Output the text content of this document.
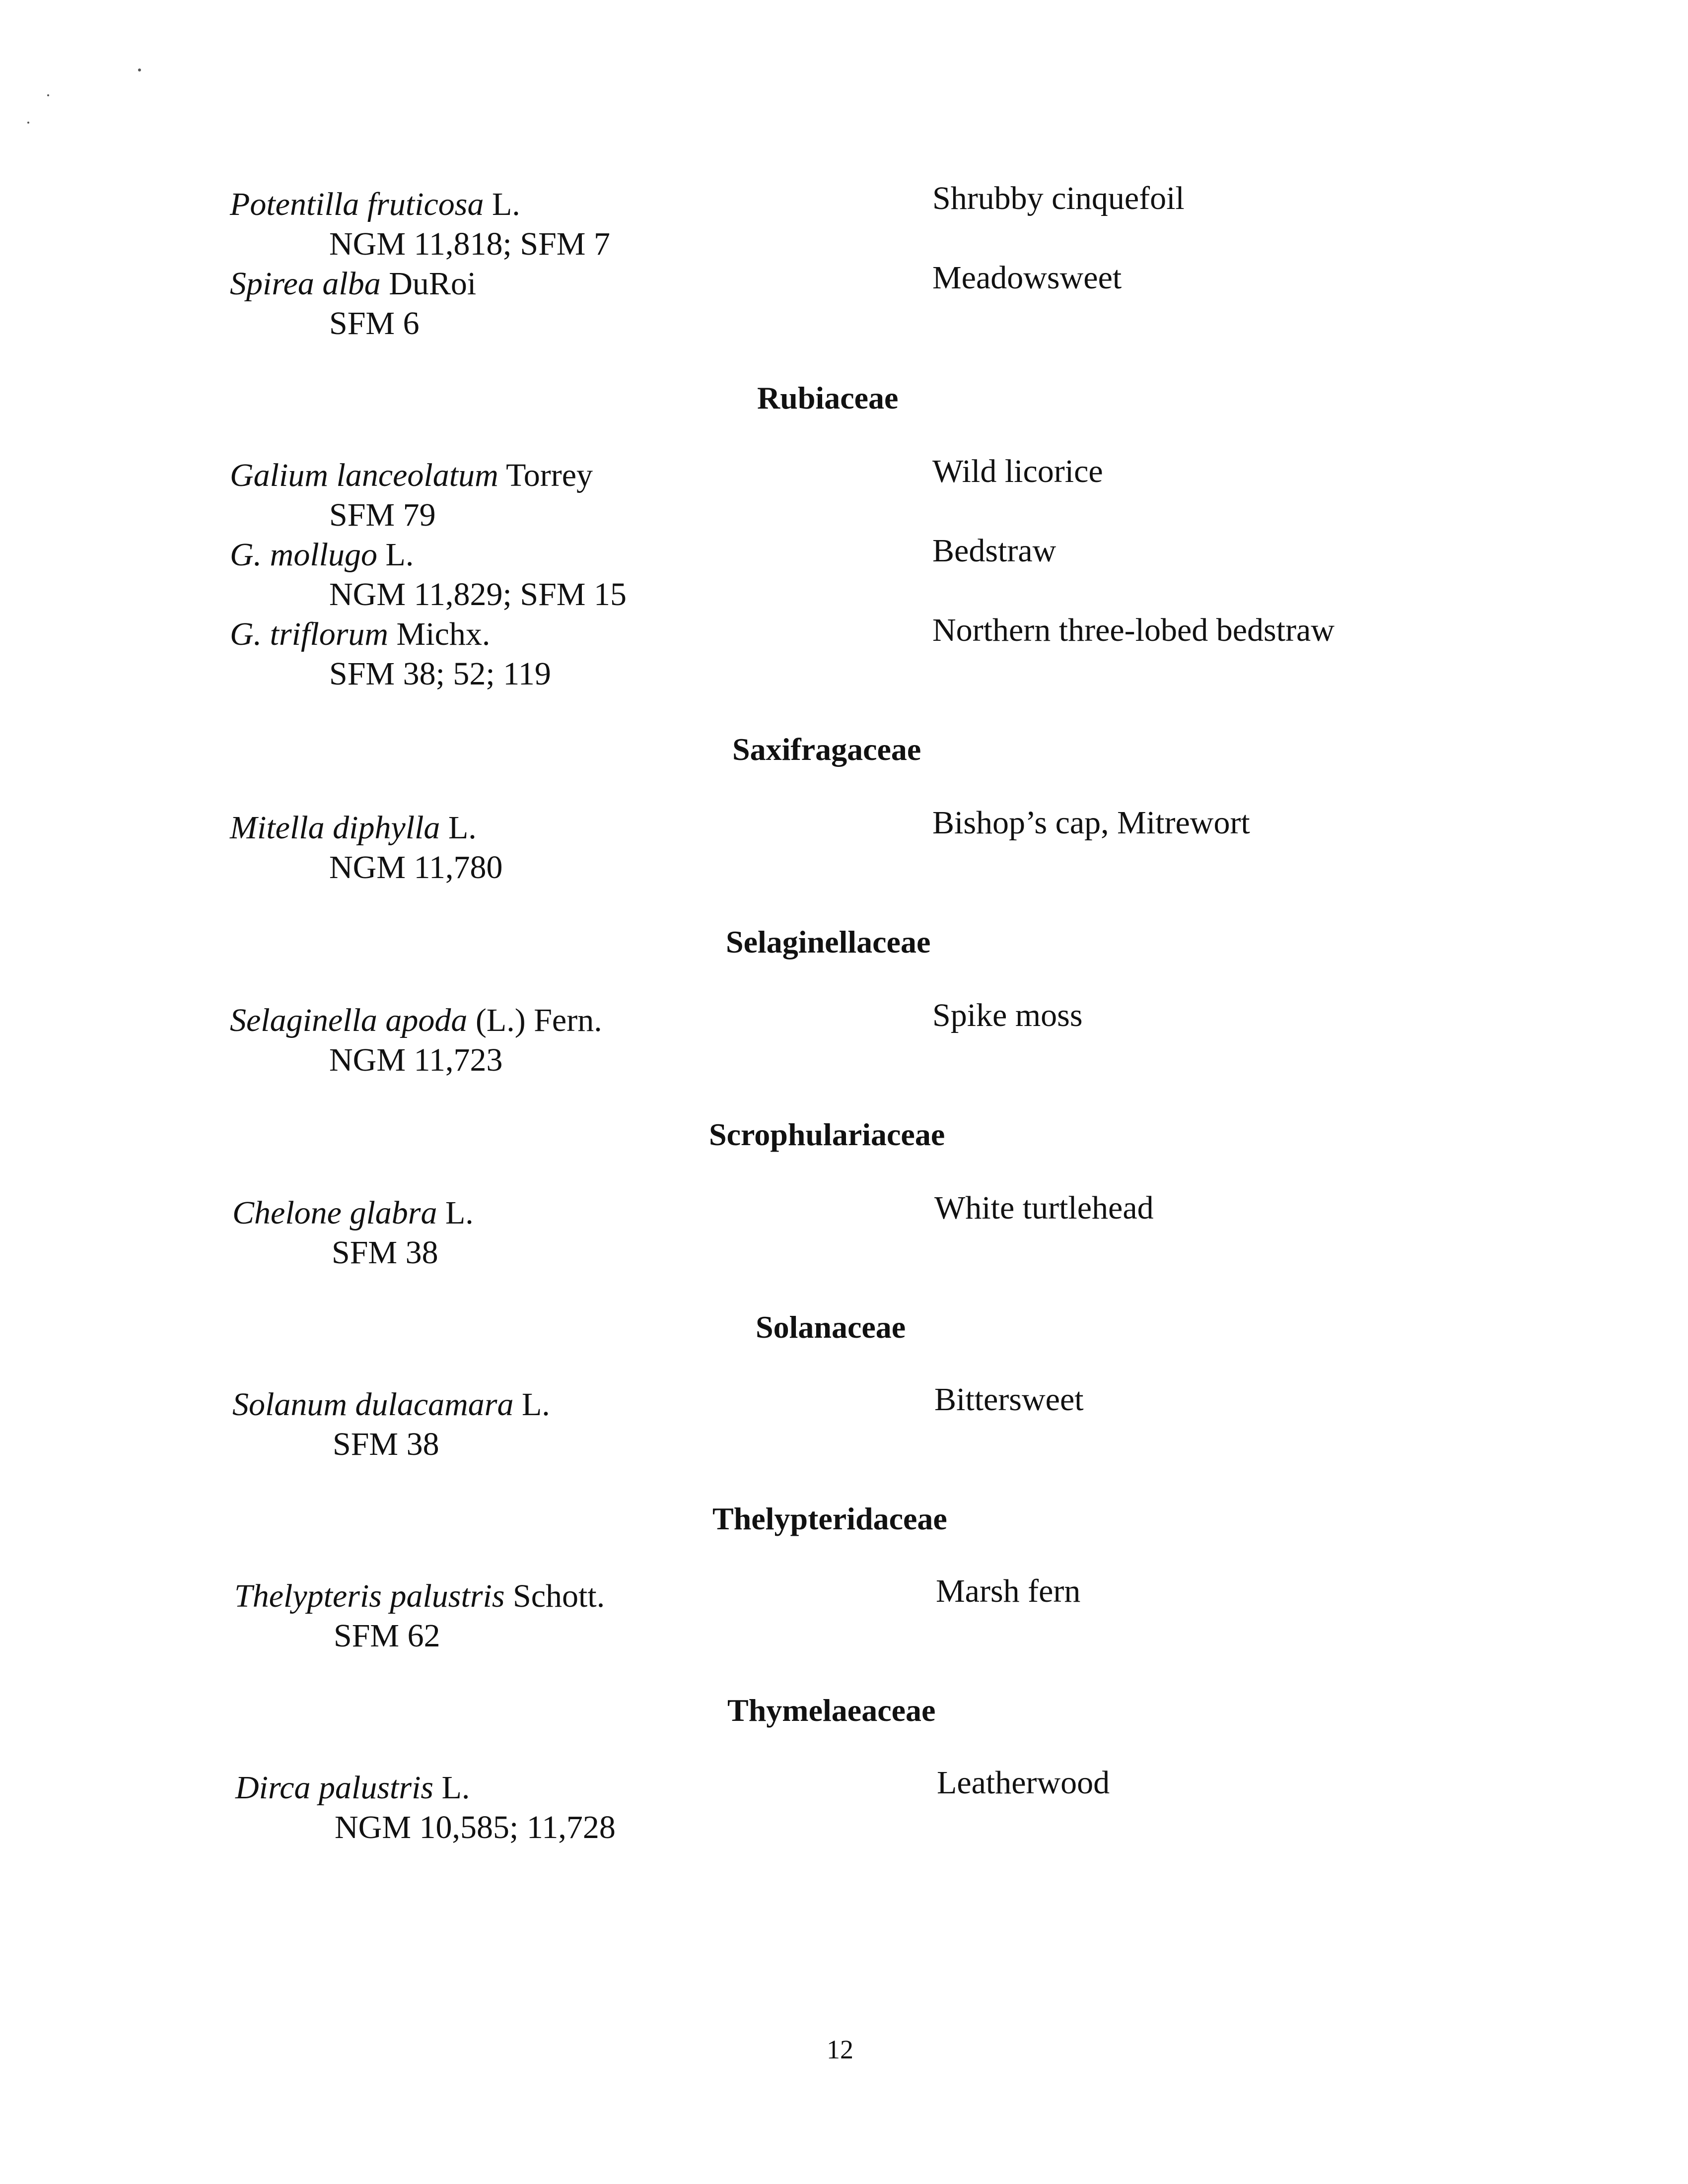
Potentilla fruticosa L.
NGM 11,818; SFM 7
Shrubby cinquefoil
Spirea alba DuRoi
SFM 6
Meadowsweet
Rubiaceae
Galium lanceolatum Torrey
SFM 79
Wild licorice
G. mollugo L.
NGM 11,829; SFM 15
Bedstraw
G. triflorum Michx.
SFM 38; 52; 119
Northern three-lobed bedstraw
Saxifragaceae
Mitella diphylla L.
NGM 11,780
Bishop’s cap, Mitrewort
Selaginellaceae
Selaginella apoda (L.) Fern.
NGM 11,723
Spike moss
Scrophulariaceae
Chelone glabra L.
SFM 38
White turtlehead
Solanaceae
Solanum dulacamara L.
SFM 38
Bittersweet
Thelypteridaceae
Thelypteris palustris Schott.
SFM 62
Marsh fern
Thymelaeaceae
Dirca palustris L.
NGM 10,585; 11,728
Leatherwood
12
